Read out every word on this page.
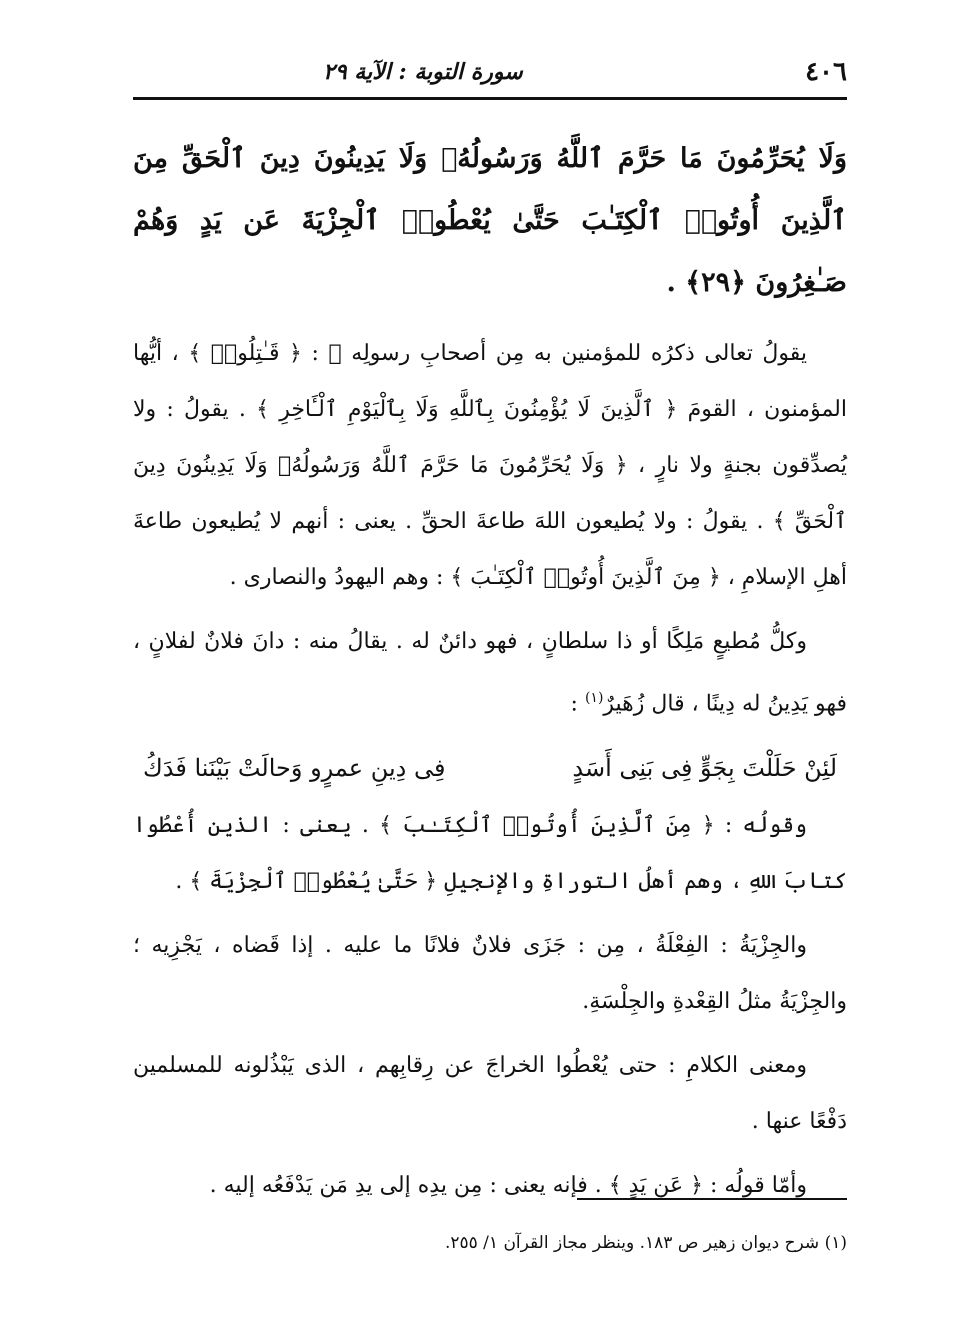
٤٠٦
سورة التوبة : الآية ٢٩
وَلَا يُحَرِّمُونَ مَا حَرَّمَ ٱللَّهُ وَرَسُولُهُۥ وَلَا يَدِينُونَ دِينَ ٱلْحَقِّ مِنَ ٱلَّذِينَ أُوتُوا۟ ٱلْكِتَـٰبَ حَتَّىٰ يُعْطُوا۟ ٱلْجِزْيَةَ عَن يَدٍ وَهُمْ صَـٰغِرُونَ ﴿٢٩﴾ .
يقولُ تعالى ذكرُه للمؤمنين به مِن أصحابِ رسولِه ﷺ : ﴿ قَـٰتِلُوا۟ ﴾ ، أيُّها المؤمنون ، القومَ ﴿ ٱلَّذِينَ لَا يُؤْمِنُونَ بِٱللَّهِ وَلَا بِٱلْيَوْمِ ٱلْـَٔاخِرِ ﴾ . يقولُ : ولا يُصدِّقون بجنةٍ ولا نارٍ ، ﴿ وَلَا يُحَرِّمُونَ مَا حَرَّمَ ٱللَّهُ وَرَسُولُهُۥ وَلَا يَدِينُونَ دِينَ ٱلْحَقِّ ﴾ . يقولُ : ولا يُطيعون اللهَ طاعةَ الحقِّ . يعنى : أنهم لا يُطيعون طاعةَ أهلِ الإسلامِ ، ﴿ مِنَ ٱلَّذِينَ أُوتُوا۟ ٱلْكِتَـٰبَ ﴾ : وهم اليهودُ والنصارى .
وكلُّ مُطيعٍ مَلِكًا أو ذا سلطانٍ ، فهو دائنٌ له . يقالُ منه : دانَ فلانٌ لفلانٍ ، فهو يَدِينُ له دِينًا ، قال زُهَيرٌ$^{(١)}$ :
لَئِنْ حَلَلْتَ بِجَوٍّ فِى بَنِى أَسَدٍ
فِى دِينِ عمرٍو وَحالَتْ بَيْنَنا فَدَكُ
وقولُه : ﴿ مِنَ ٱلَّذِينَ أُوتُوا۟ ٱلْكِتَـٰبَ ﴾ . يعنى : الذين أُعْطُوا كتابَ اللهِ ، وهم أهلُ التوراةِ والإنجيلِ ﴿ حَتَّىٰ يُعْطُوا۟ ٱلْجِزْيَةَ ﴾ .
والجِزْيَةُ : الفِعْلَةُ ، مِن : جَزَى فلانٌ فلانًا ما عليه . إذا قَضاه ، يَجْزِيه ؛ والجِزْيَةُ مثلُ القِعْدةِ والجِلْسَةِ.
ومعنى الكلامِ : حتى يُعْطُوا الخراجَ عن رِقابِهم ، الذى يَبْذُلونه للمسلمين دَفْعًا عنها .
وأمّا قولُه : ﴿ عَن يَدٍ ﴾ . فإنه يعنى : مِن يدِه إلى يدِ مَن يَدْفَعُه إليه .
(١) شرح ديوان زهير ص ١٨٣. وينظر مجاز القرآن ١/ ٢٥٥.
